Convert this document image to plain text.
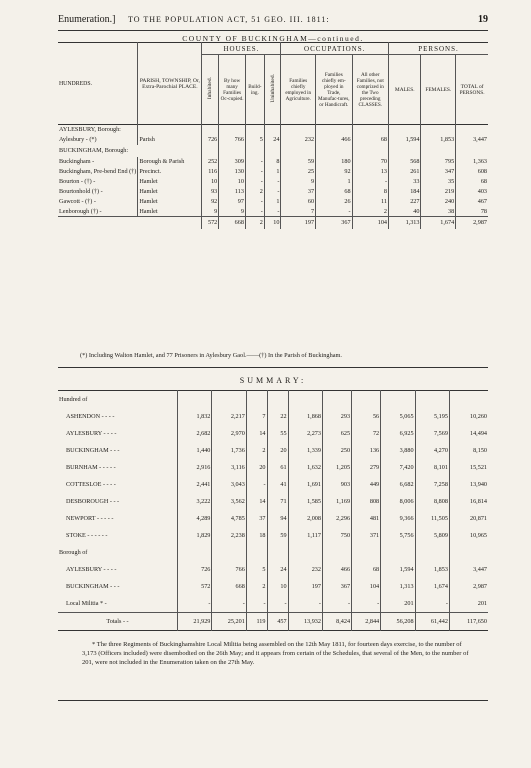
Enumeration.] TO THE POPULATION ACT, 51 GEO. III. 1811:	19
COUNTY OF BUCKINGHAM—continued.
HUNDREDS.	PARISH, TOWNSHIP, Or, Extra-Parochial PLACE.	HOUSES.				OCCUPATIONS.			PERSONS.		
		Inhabited.	By how many Families Oc-cupied.	Build-ing.	Uninhabited.	Families chiefly employed in Agriculture.	Families chiefly em-ployed in Trade, Manufac-tures, or Handicraft.	All other Families, not comprized in the Two preceding CLASSES.	MALES.	FEMALES.	TOTAL of PERSONS.
AYLESBURY, Borough:											
Aylesbury - (*)	Parish	726	766	5	24	232	466	68	1,594	1,853	3,447
BUCKINGHAM, Borough:											
Buckingham -	Borough & Parish	252	309	-	8	59	180	70	568	795	1,363
Buckingham, Pre-bend End (†)	Precinct.	116	130	-	1	25	92	13	261	347	608
Bourton - (†) -	Hamlet	10	10	-	-	9	1	-	33	35	68
Bourtonhold (†) -	Hamlet	93	113	2	-	37	68	8	184	219	403
Gawcott - (†) -	Hamlet	92	97	-	1	60	26	11	227	240	467
Lenborough (†) -	Hamlet	9	9	-	-	7	-	2	40	38	78
		572	668	2	10	197	367	104	1,313	1,674	2,987
(*) Including Walton Hamlet, and 77 Prisoners in Aylesbury Gaol.——(†) In the Parish of Buckingham.
SUMMARY:
Hundred of										
ASHENDON - - - -	1,832	2,217	7	22	1,868	293	56	5,065	5,195	10,260
AYLESBURY - - - -	2,682	2,970	14	55	2,273	625	72	6,925	7,569	14,494
BUCKINGHAM - - -	1,440	1,736	2	20	1,339	250	136	3,880	4,270	8,150
BURNHAM - - - - -	2,916	3,116	20	61	1,632	1,205	279	7,420	8,101	15,521
COTTESLOE - - - -	2,441	3,043	-	41	1,691	903	449	6,682	7,258	13,940
DESBOROUGH - - -	3,222	3,562	14	71	1,585	1,169	808	8,006	8,808	16,814
NEWPORT - - - - -	4,289	4,785	37	94	2,008	2,296	481	9,366	11,505	20,871
STOKE - - - - - -	1,829	2,238	18	59	1,117	750	371	5,756	5,809	10,965
Borough of										
AYLESBURY - - - -	726	766	5	24	232	466	68	1,594	1,853	3,447
BUCKINGHAM - - -	572	668	2	10	197	367	104	1,313	1,674	2,987
Local Militia * -	-	-	-	-	-	-	-	201	-	201
Totals - -	21,929	25,201	119	457	13,932	8,424	2,844	56,208	61,442	117,650
* The three Regiments of Buckinghamshire Local Militia being assembled on the 12th May 1811, for fourteen days exercise, to the number of 3,173 (Officers included) were disembodied on the 26th May; and it appears from certain of the Schedules, that several of the Men, to the number of 201, were not included in the Enumeration taken on the 27th May.
